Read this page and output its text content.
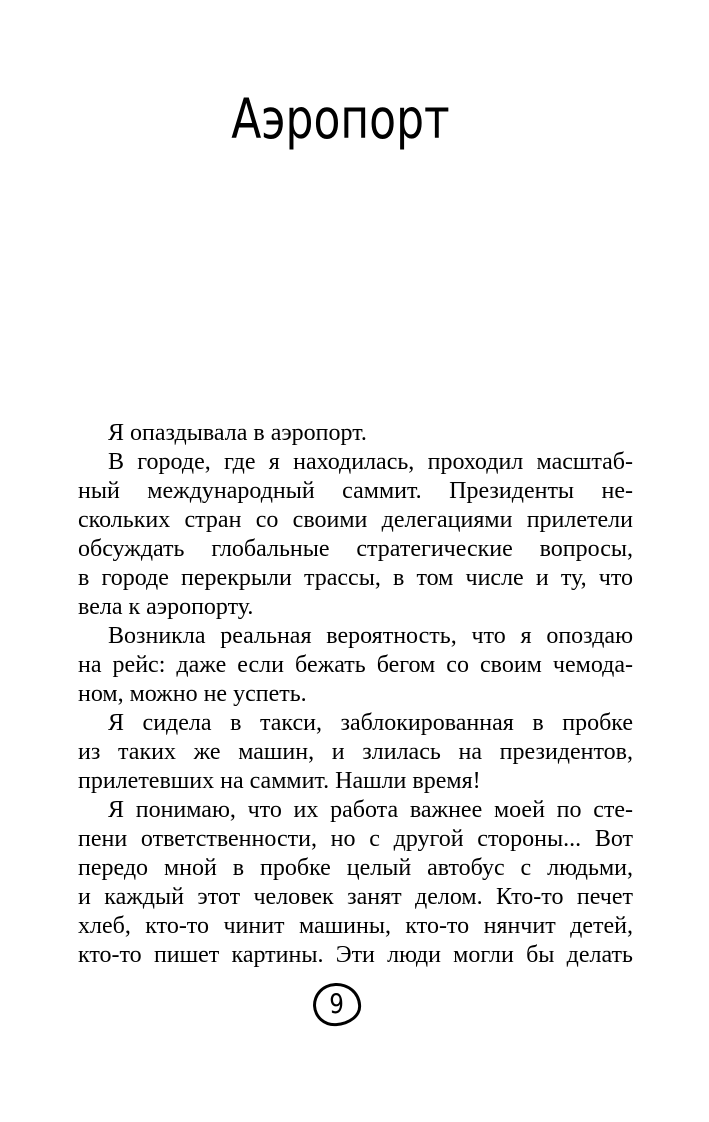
Аэропорт
Я опаздывала в аэропорт.
В городе, где я находилась, проходил масштаб-
ный международный саммит. Президенты не-
скольких стран со своими делегациями прилетели
обсуждать глобальные стратегические вопросы,
в городе перекрыли трассы, в том числе и ту, что
вела к аэропорту.
Возникла реальная вероятность, что я опоздаю
на рейс: даже если бежать бегом со своим чемода-
ном, можно не успеть.
Я сидела в такси, заблокированная в пробке
из таких же машин, и злилась на президентов,
прилетевших на саммит. Нашли время!
Я понимаю, что их работа важнее моей по сте-
пени ответственности, но с другой стороны... Вот
передо мной в пробке целый автобус с людьми,
и каждый этот человек занят делом. Кто-то печет
хлеб, кто-то чинит машины, кто-то нянчит детей,
кто-то пишет картины. Эти люди могли бы делать
9
